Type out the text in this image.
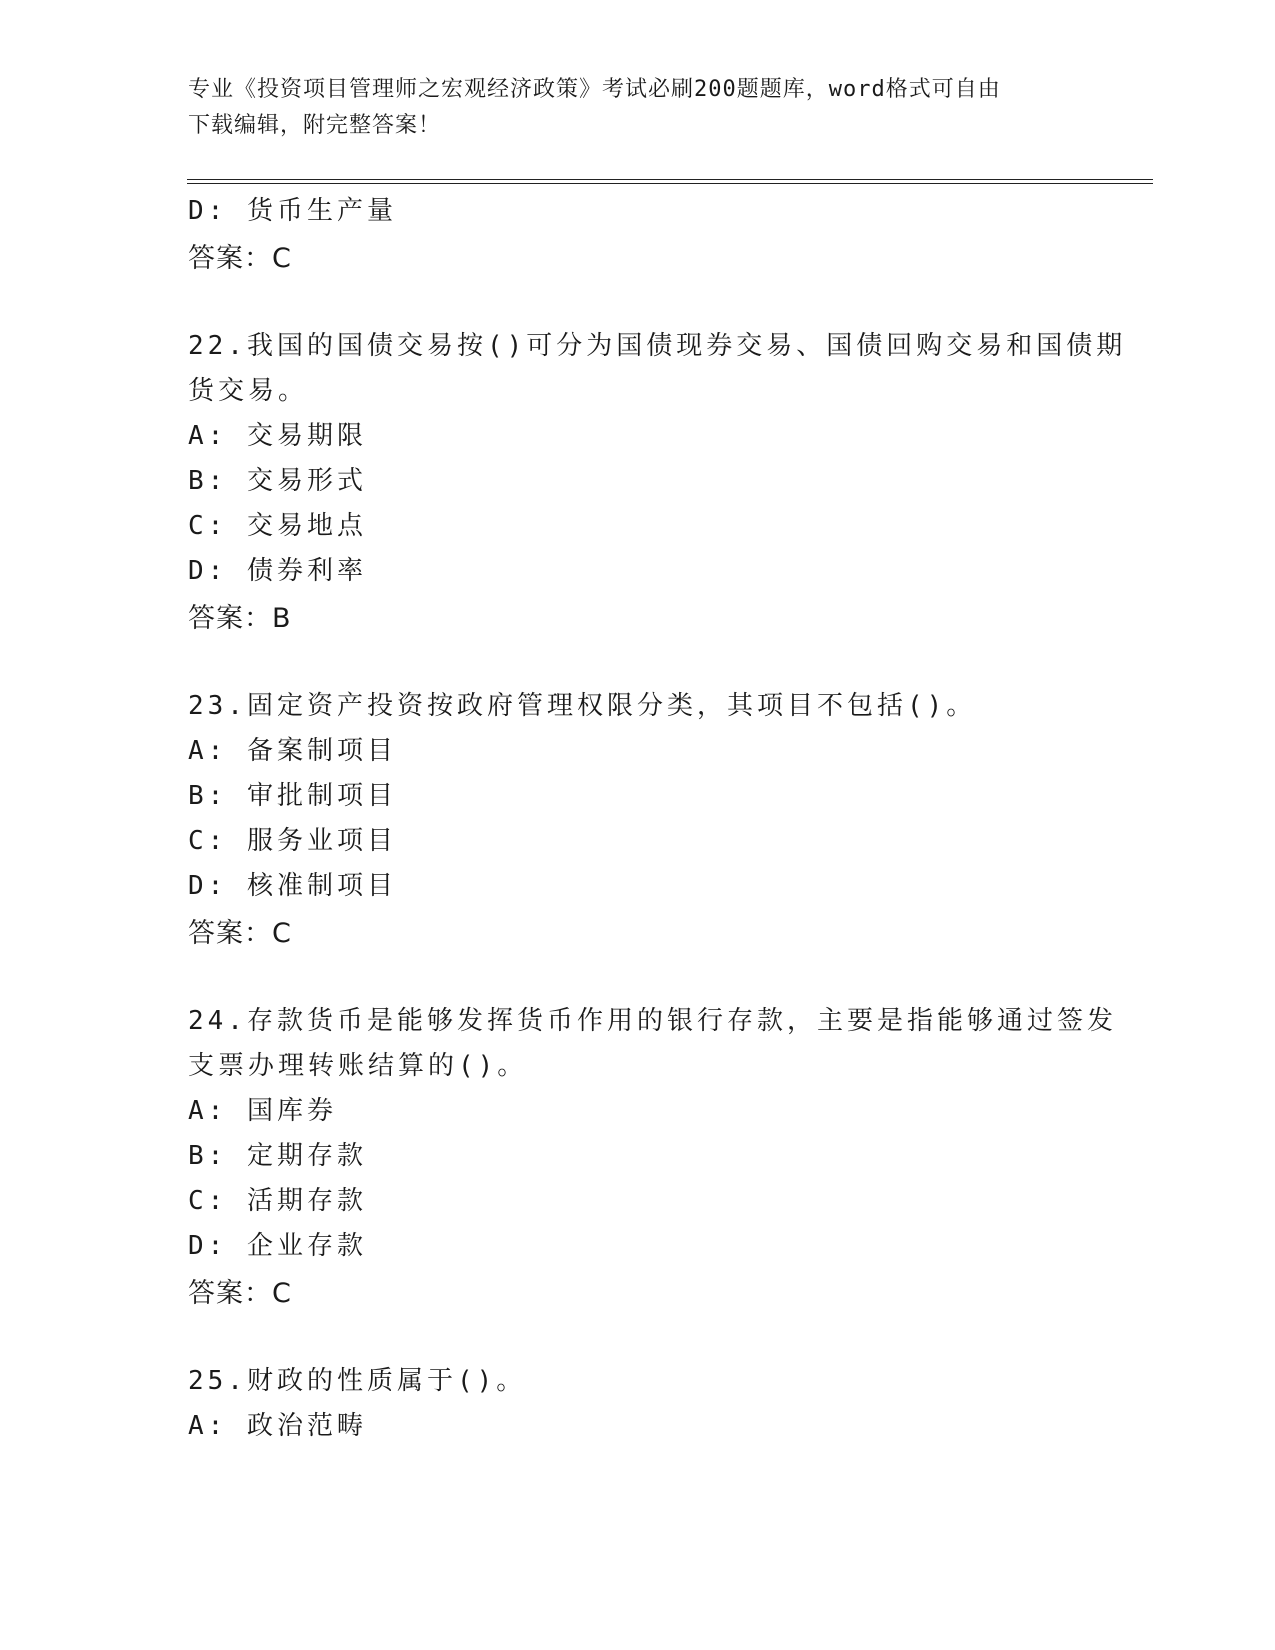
专业《投资项目管理师之宏观经济政策》考试必刷200题题库，word格式可自由
下载编辑，附完整答案！
D: 货币生产量
答案：C
22.我国的国债交易按()可分为国债现券交易、国债回购交易和国债期
货交易。
A: 交易期限
B: 交易形式
C: 交易地点
D: 债券利率
答案：B
23.固定资产投资按政府管理权限分类，其项目不包括()。
A: 备案制项目
B: 审批制项目
C: 服务业项目
D: 核准制项目
答案：C
24.存款货币是能够发挥货币作用的银行存款，主要是指能够通过签发
支票办理转账结算的()。
A: 国库券
B: 定期存款
C: 活期存款
D: 企业存款
答案：C
25.财政的性质属于()。
A: 政治范畴
